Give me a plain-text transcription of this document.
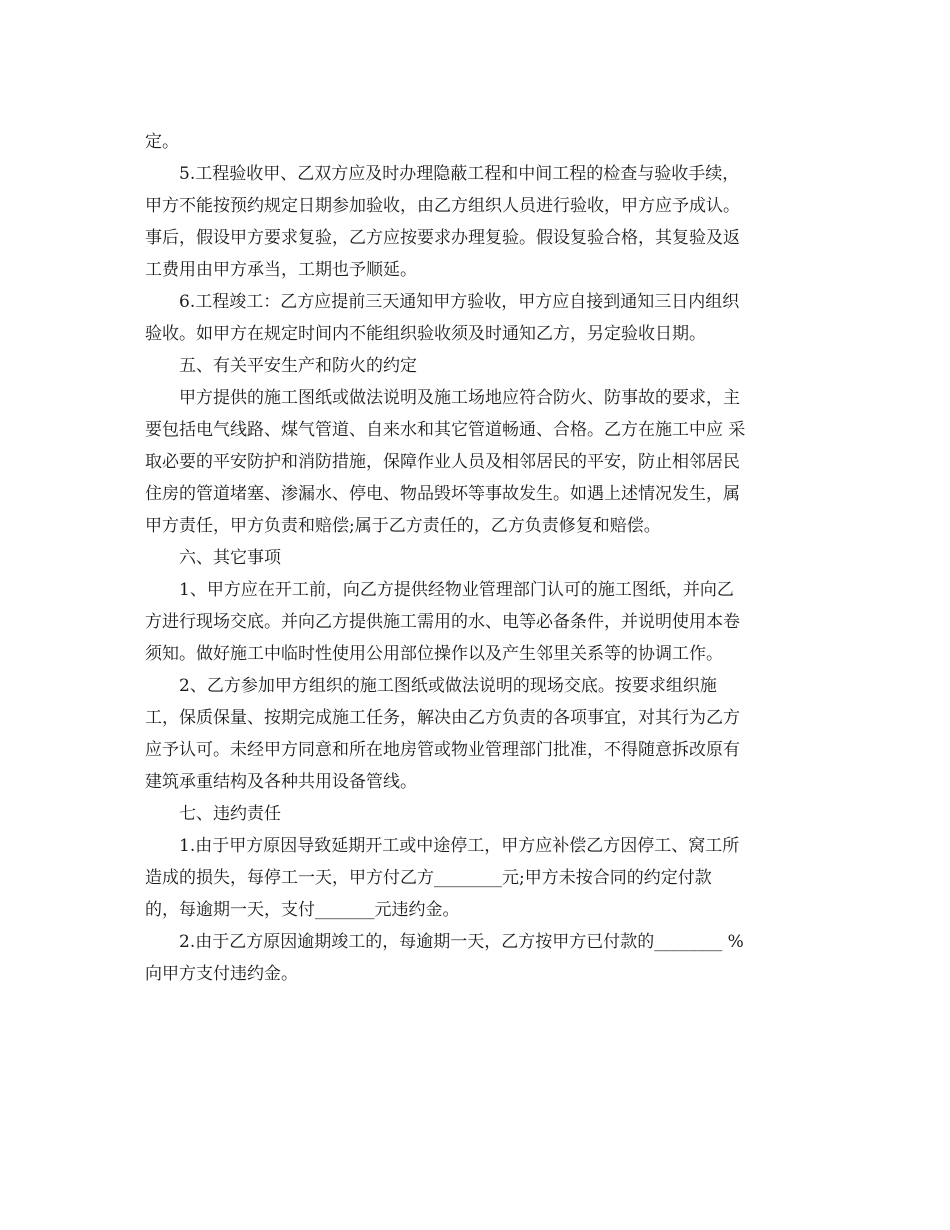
定。

5.工程验收甲、乙双方应及时办理隐蔽工程和中间工程的检查与验收手续，

甲方不能按预约规定日期参加验收，由乙方组织人员进行验收，甲方应予成认。

事后，假设甲方要求复验，乙方应按要求办理复验。假设复验合格，其复验及返

工费用由甲方承当，工期也予顺延。

6.工程竣工：乙方应提前三天通知甲方验收，甲方应自接到通知三日内组织

验收。如甲方在规定时间内不能组织验收须及时通知乙方，另定验收日期。

五、有关平安生产和防火的约定

甲方提供的施工图纸或做法说明及施工场地应符合防火、防事故的要求，主

要包括电气线路、煤气管道、自来水和其它管道畅通、合格。乙方在施工中应 采

取必要的平安防护和消防措施，保障作业人员及相邻居民的平安，防止相邻居民

住房的管道堵塞、渗漏水、停电、物品毁坏等事故发生。如遇上述情况发生，属

甲方责任，甲方负责和赔偿;属于乙方责任的，乙方负责修复和赔偿。

六、其它事项

1、甲方应在开工前，向乙方提供经物业管理部门认可的施工图纸，并向乙

方进行现场交底。并向乙方提供施工需用的水、电等必备条件，并说明使用本卷

须知。做好施工中临时性使用公用部位操作以及产生邻里关系等的协调工作。

2、乙方参加甲方组织的施工图纸或做法说明的现场交底。按要求组织施

工，保质保量、按期完成施工任务，解决由乙方负责的各项事宜，对其行为乙方

应予认可。未经甲方同意和所在地房管或物业管理部门批准，不得随意拆改原有

建筑承重结构及各种共用设备管线。

七、违约责任

1.由于甲方原因导致延期开工或中途停工，甲方应补偿乙方因停工、窝工所

造成的损失，每停工一天，甲方付乙方________元;甲方未按合同的约定付款

的，每逾期一天，支付_______元违约金。

2.由于乙方原因逾期竣工的，每逾期一天，乙方按甲方已付款的________ %

向甲方支付违约金。
